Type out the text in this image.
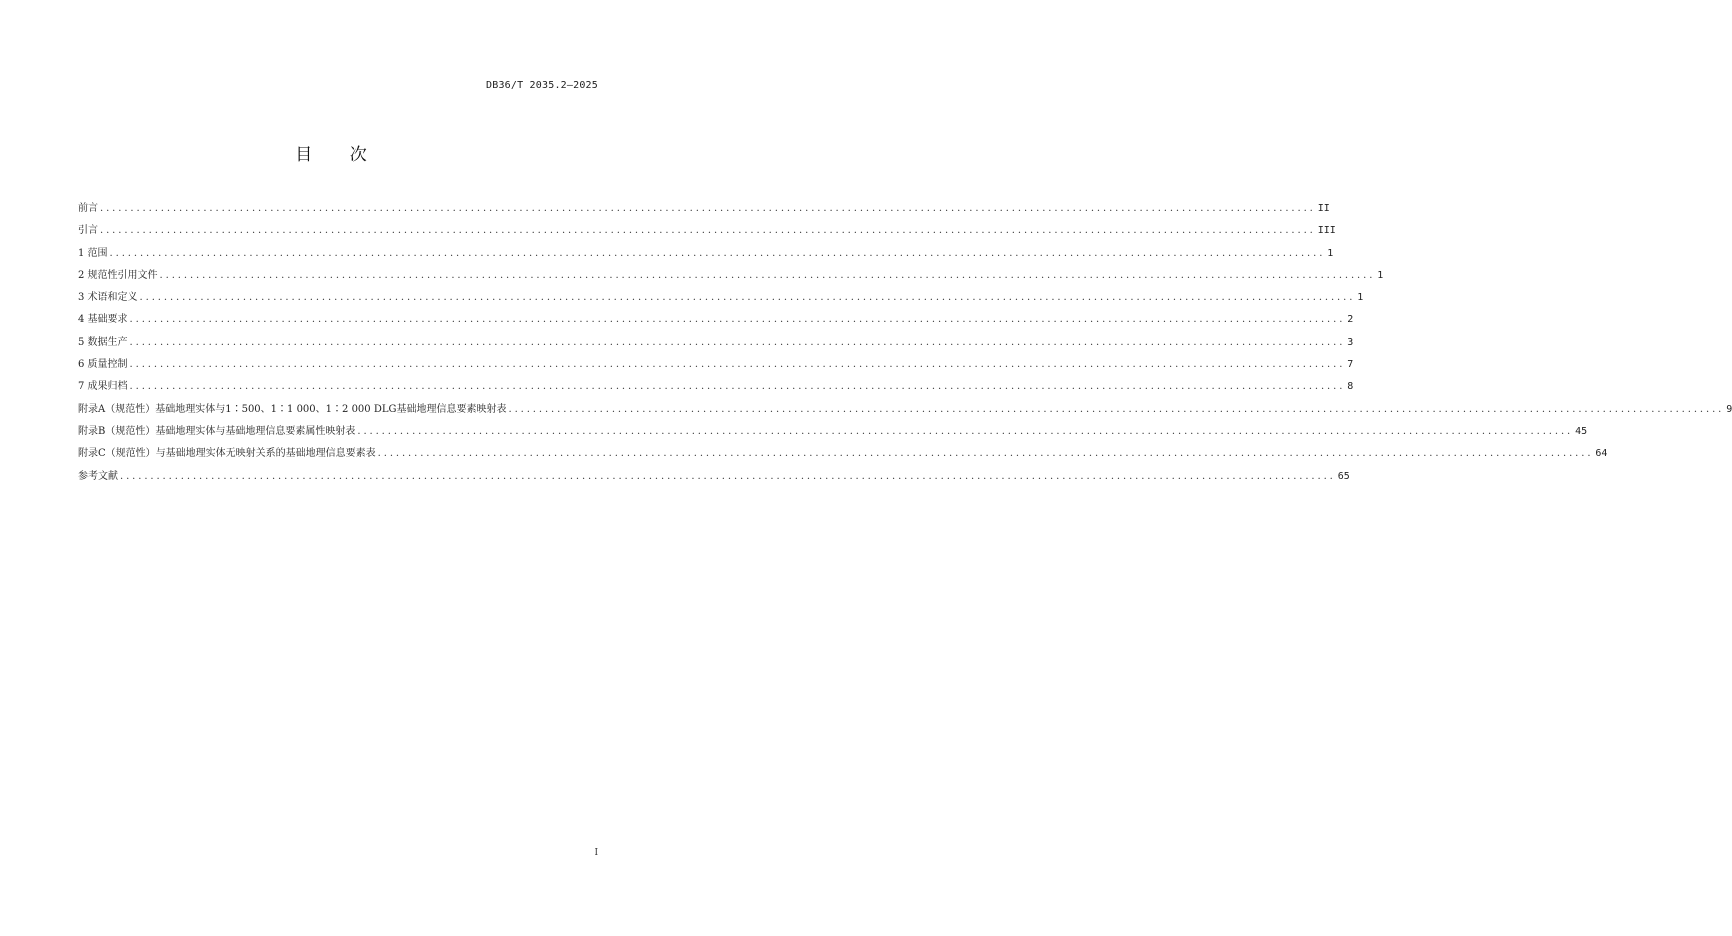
DB36/T 2035.2—2025
目 次
前言 ........................................................................................................................................................................................................ II
引言 ........................................................................................................................................................................................................ III
1 范围 ........................................................................................................................................................................................................ 1
2 规范性引用文件 ........................................................................................................................................................................................................ 1
3 术语和定义 ........................................................................................................................................................................................................ 1
4 基础要求 ........................................................................................................................................................................................................ 2
5 数据生产 ........................................................................................................................................................................................................ 3
6 质量控制 ........................................................................................................................................................................................................ 7
7 成果归档 ........................................................................................................................................................................................................ 8
附录A（规范性）基础地理实体与1∶500、1∶1 000、1∶2 000 DLG基础地理信息要素映射表 ........................................................................................................................................................................................................ 9
附录B（规范性）基础地理实体与基础地理信息要素属性映射表 ........................................................................................................................................................................................................ 45
附录C（规范性）与基础地理实体无映射关系的基础地理信息要素表 ........................................................................................................................................................................................................ 64
参考文献 ........................................................................................................................................................................................................ 65
I
